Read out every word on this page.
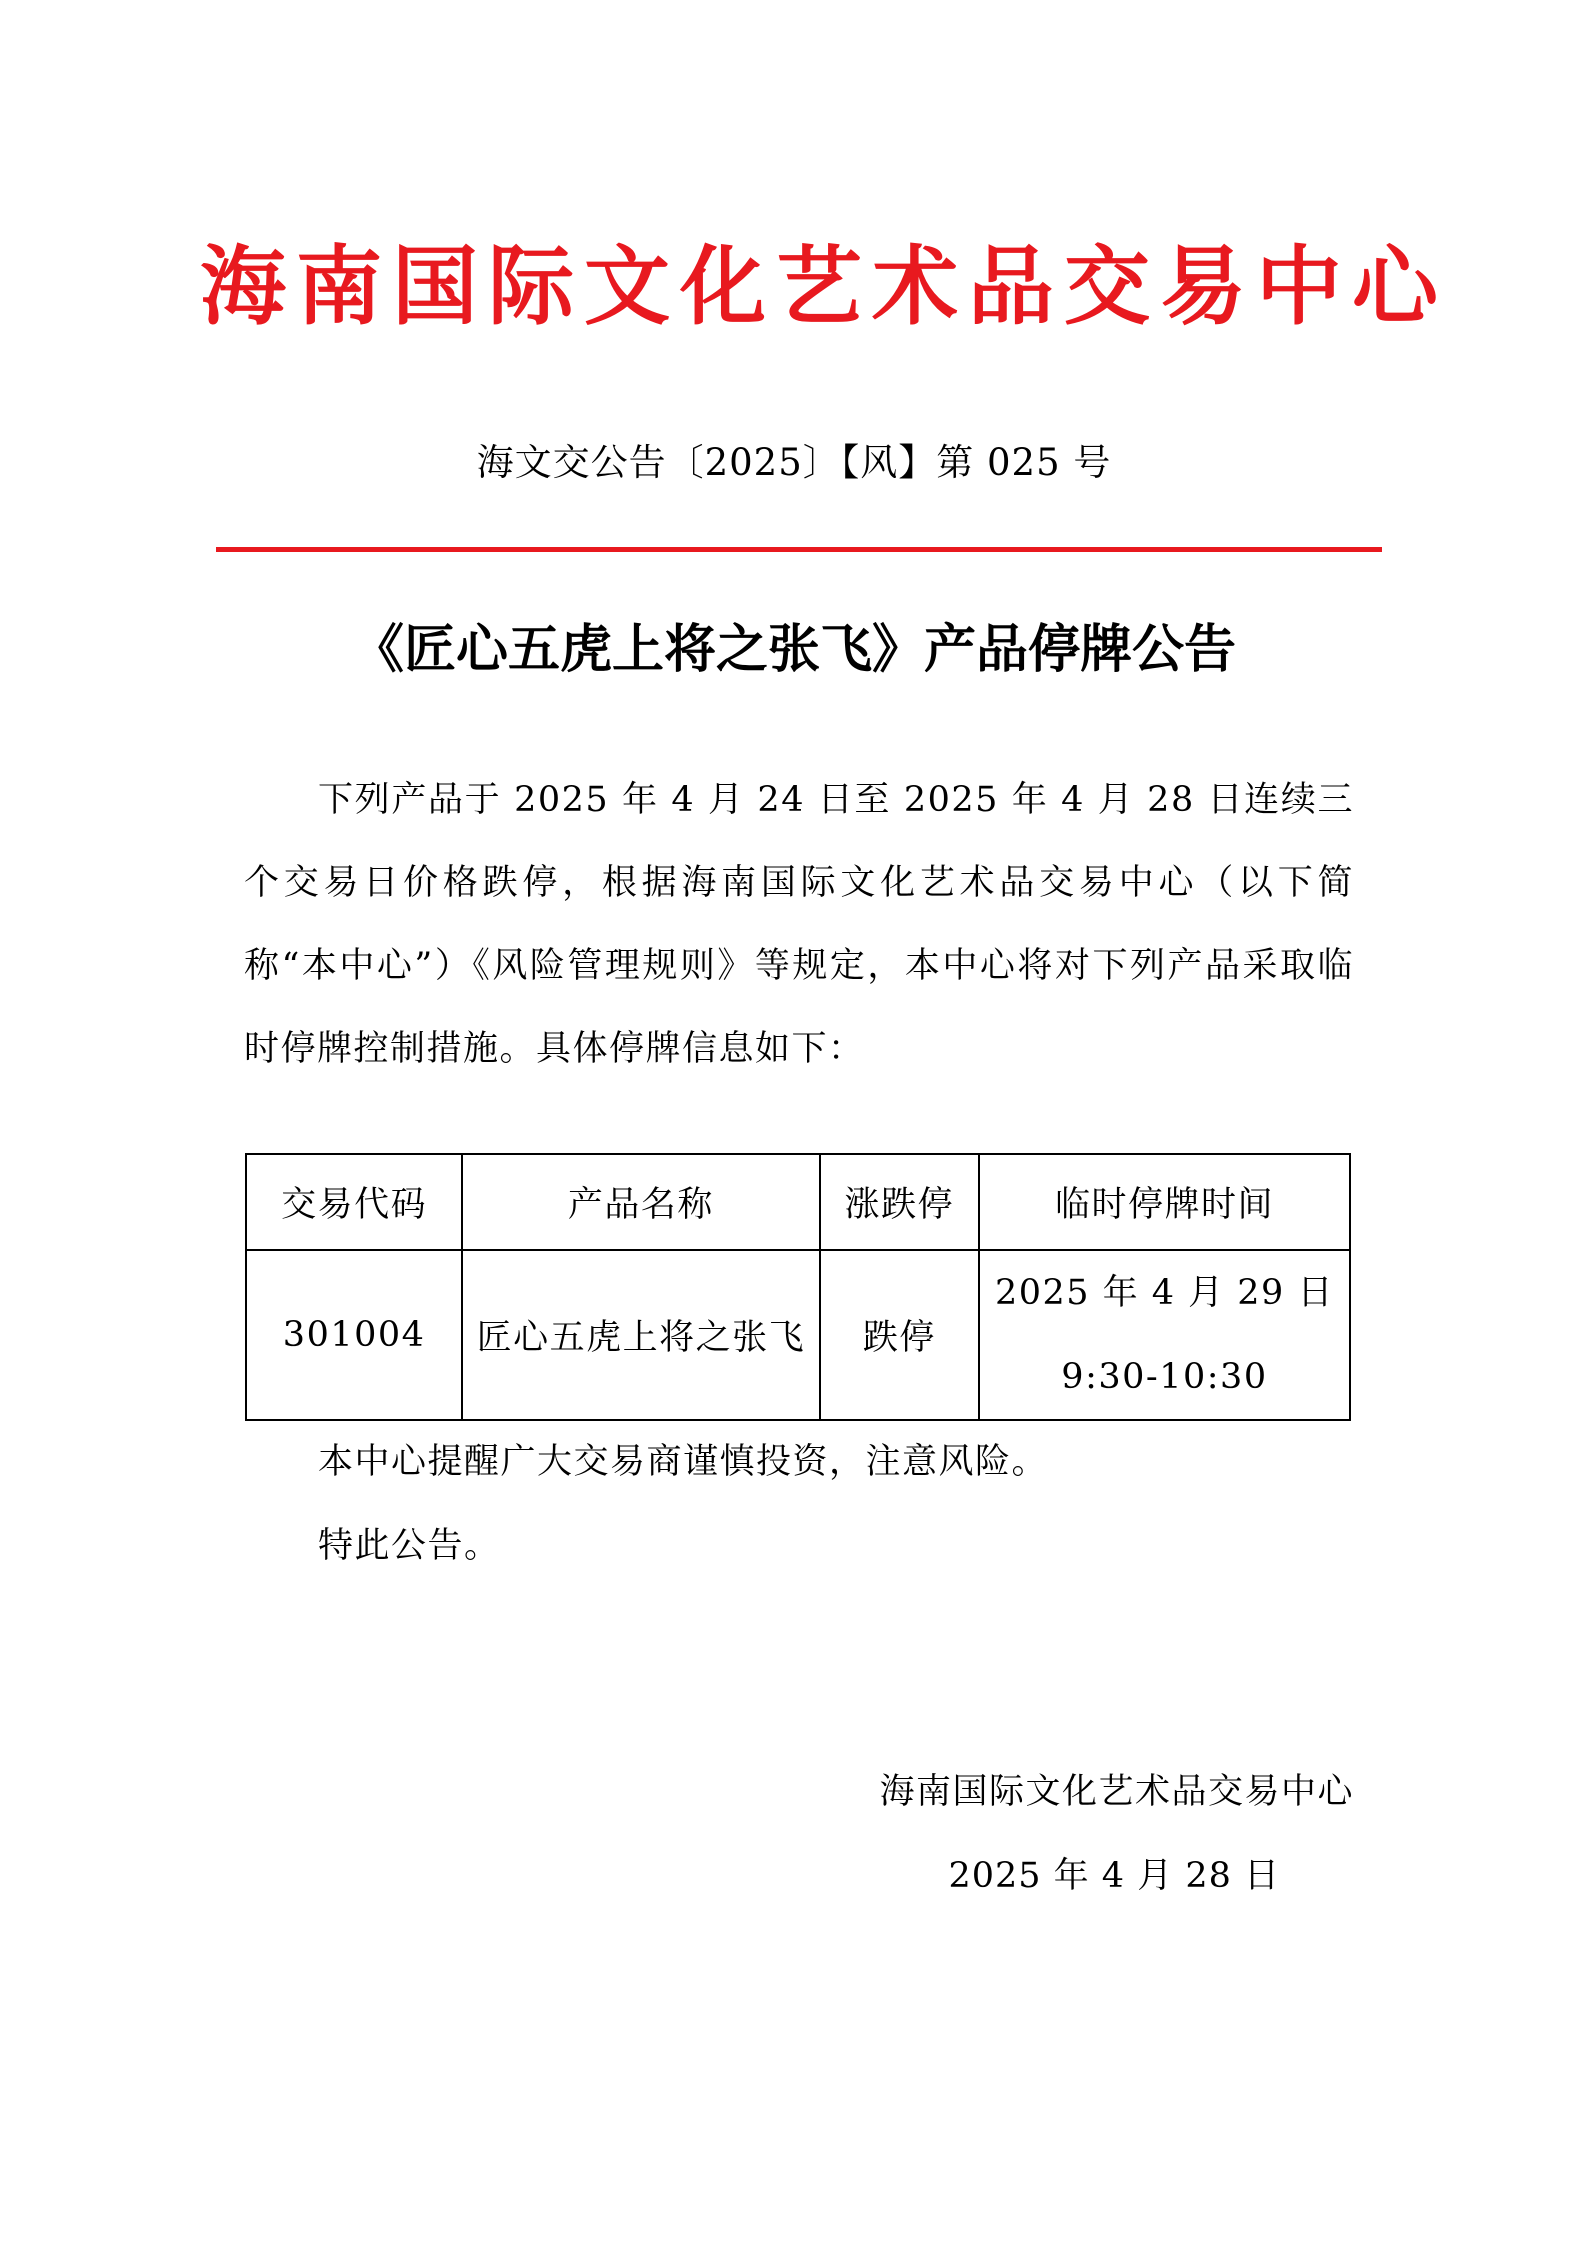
海南国际文化艺术品交易中心
海文交公告〔2025〕【风】第 025 号
《匠心五虎上将之张飞》产品停牌公告
下列产品于 2025 年 4 月 24 日至 2025 年 4 月 28 日连续三个交易日价格跌停，根据海南国际文化艺术品交易中心（以下简称“本中心”）《风险管理规则》等规定，本中心将对下列产品采取临时停牌控制措施。具体停牌信息如下：
交易代码	产品名称	涨跌停	临时停牌时间
301004	匠心五虎上将之张飞	跌停	2025 年 4 月 29 日
9:30-10:30
本中心提醒广大交易商谨慎投资，注意风险。
特此公告。
海南国际文化艺术品交易中心
2025 年 4 月 28 日
